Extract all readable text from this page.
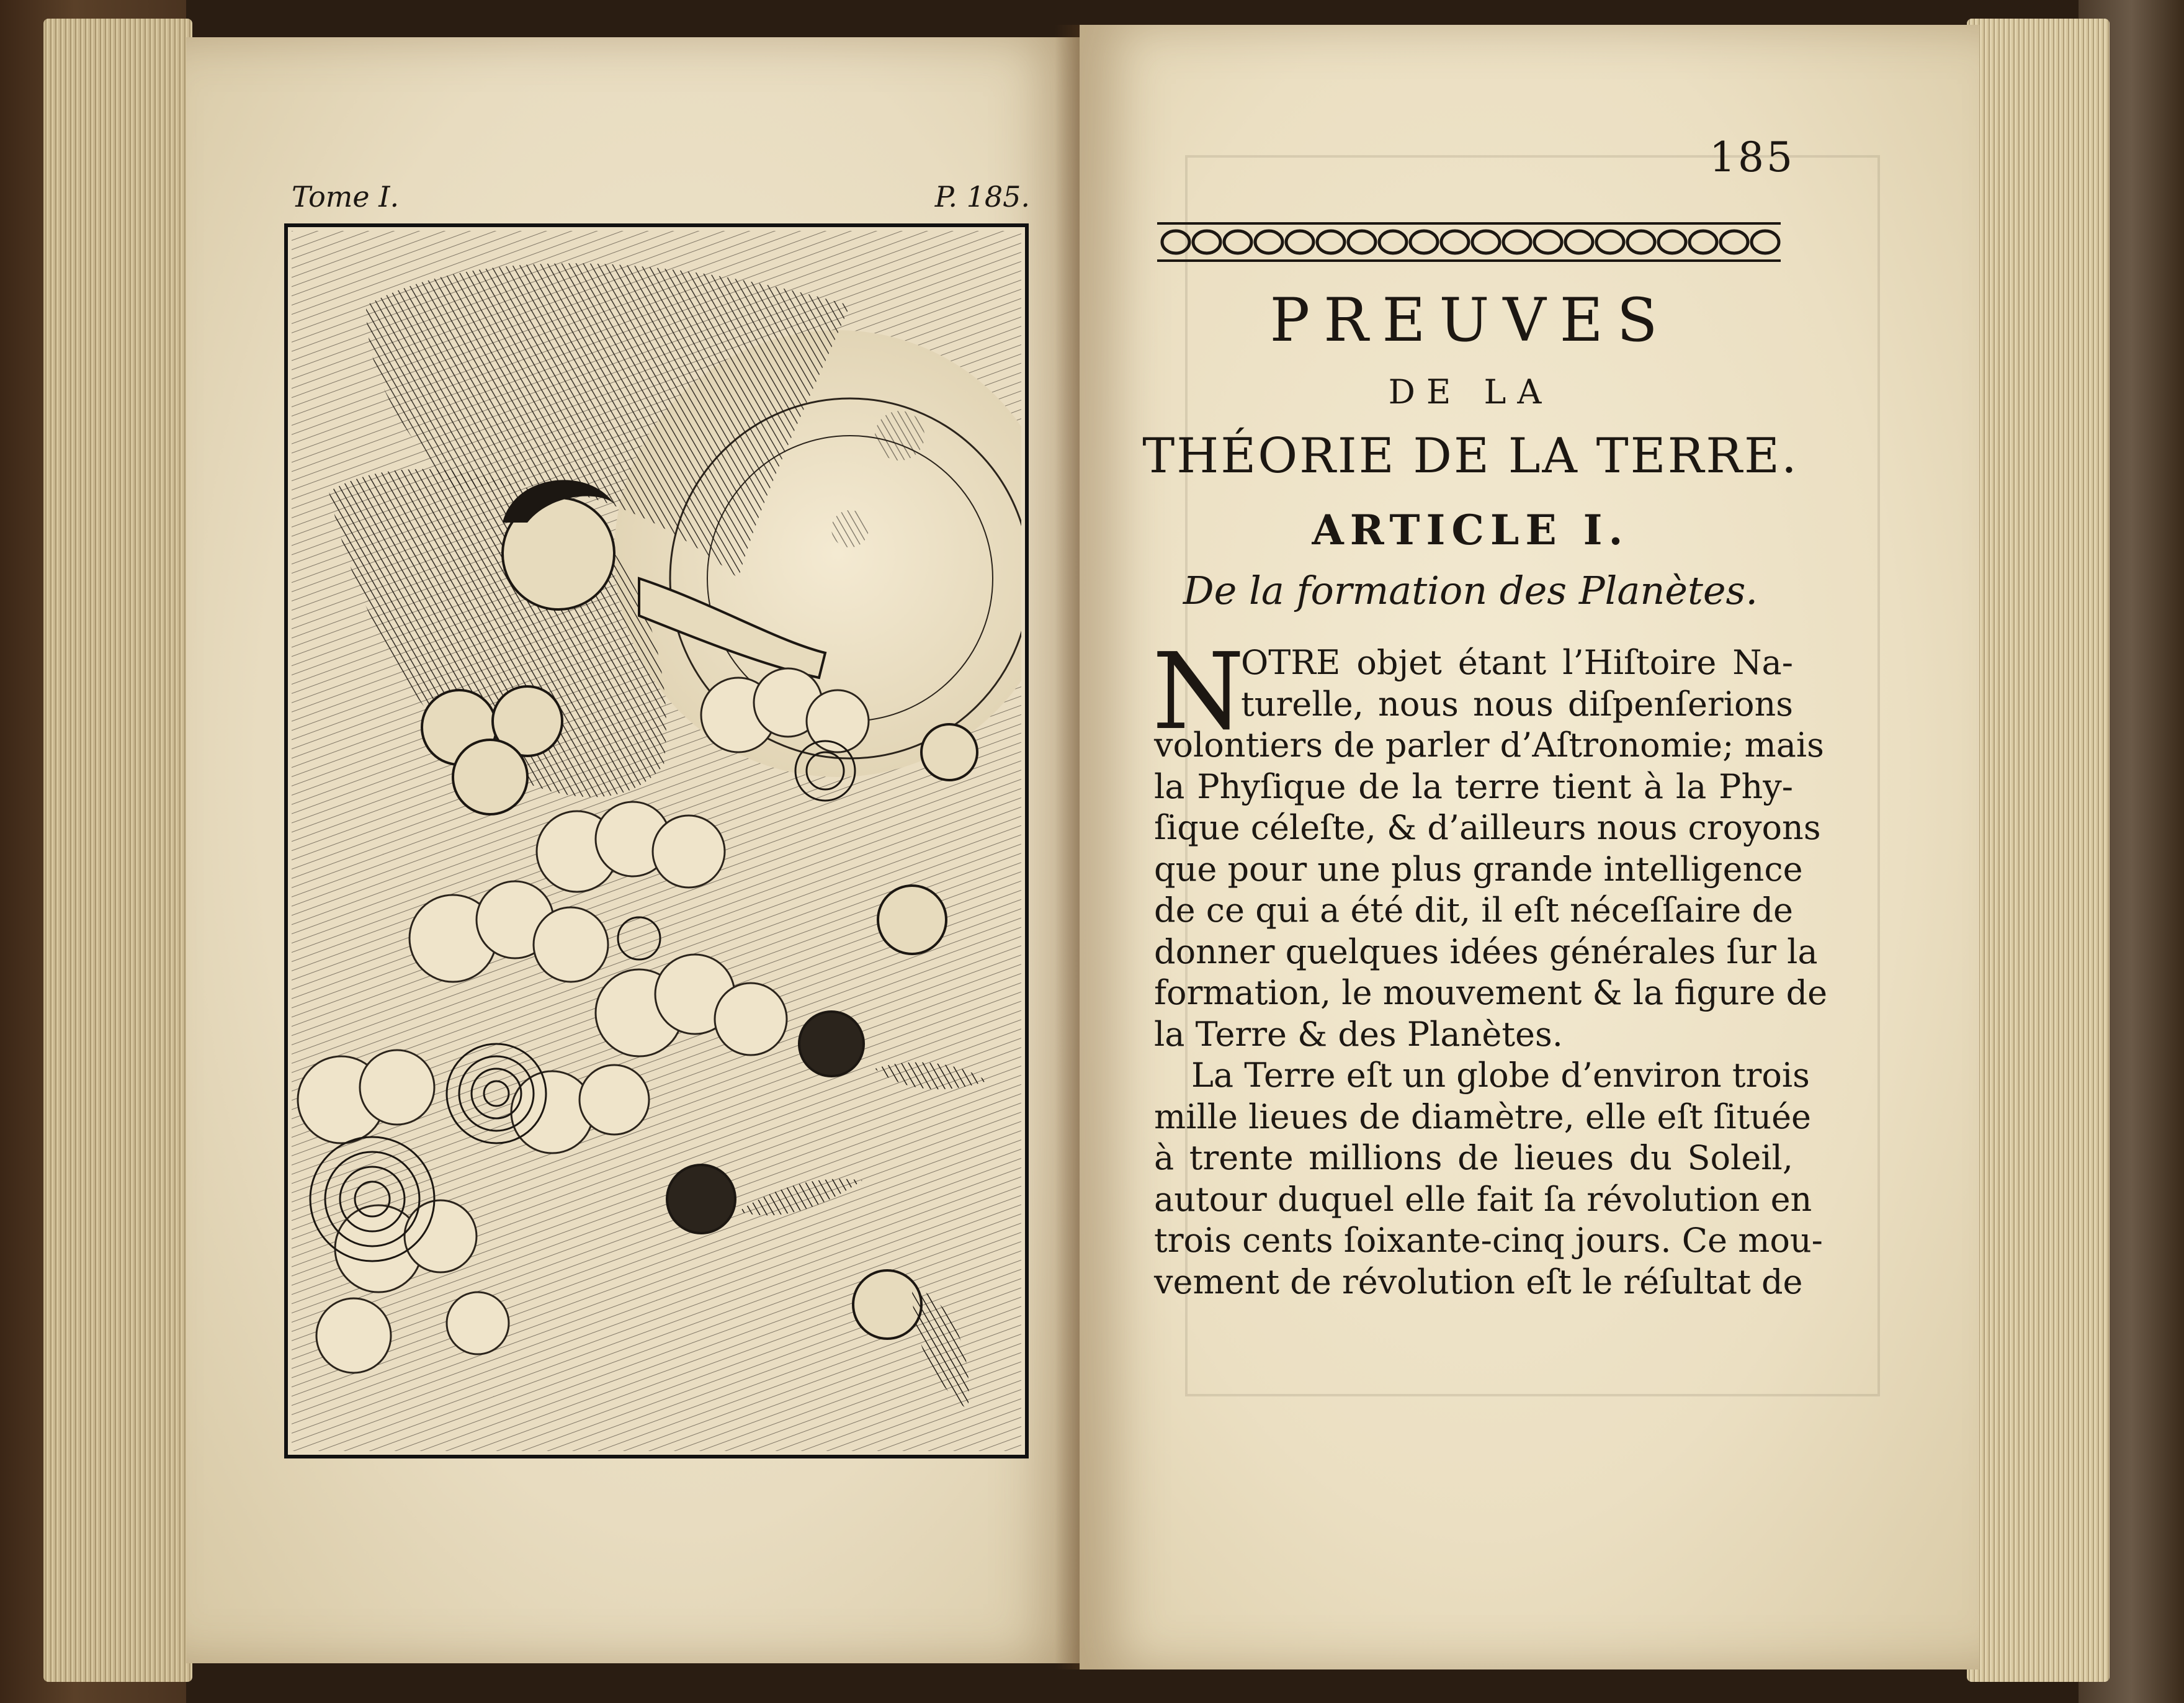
Tome I.	P. 185.
185
PREUVES
DE LA
THÉORIE DE LA TERRE.
ARTICLE I.
De la formation des Planètes.
N
OTRE objet étant l’Hiſtoire Na-
turelle, nous nous diſpenſerions
volontiers de parler d’Aſtronomie; mais
la Phyſique de la terre tient à la Phy-
ſique céleſte, & d’ailleurs nous croyons
que pour une plus grande intelligence
de ce qui a été dit, il eſt néceſſaire de
donner quelques idées générales ſur la
formation, le mouvement & la figure de
la Terre & des Planètes.
La Terre eſt un globe d’environ trois
mille lieues de diamètre, elle eſt ſituée
à trente millions de lieues du Soleil,
autour duquel elle fait ſa révolution en
trois cents ſoixante-cinq jours. Ce mou-
vement de révolution eſt le réſultat de
